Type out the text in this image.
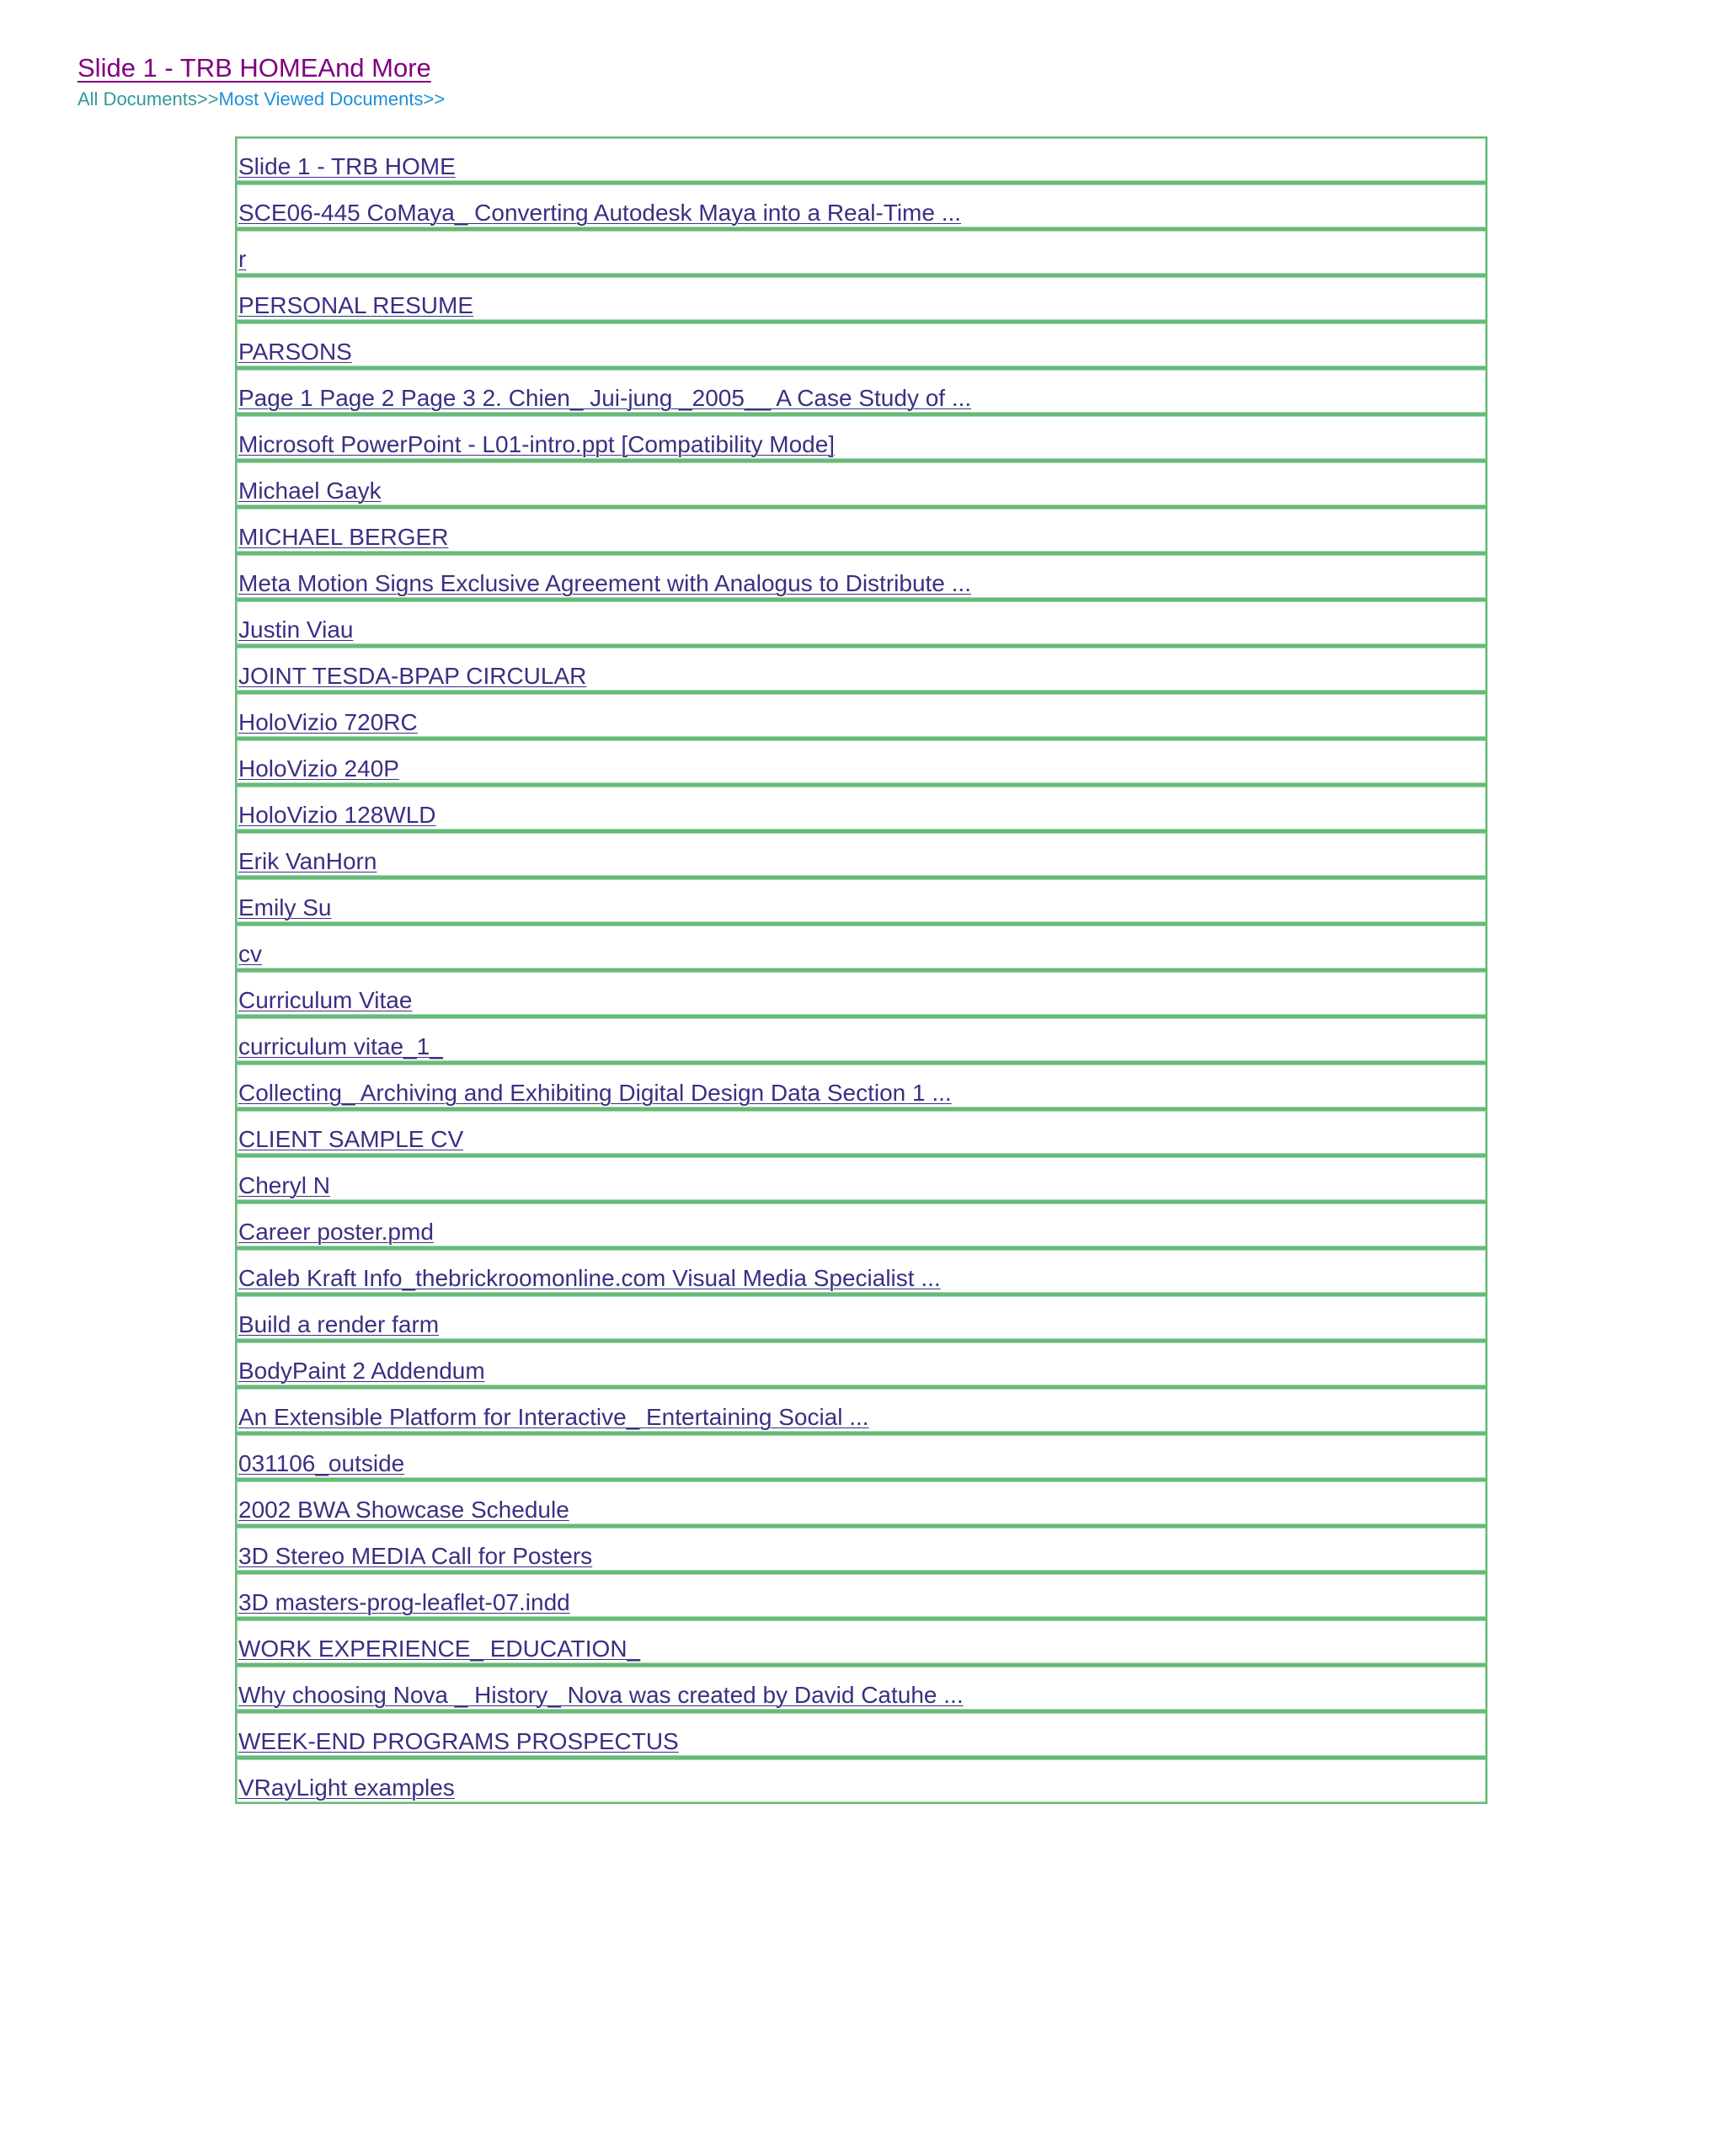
Slide 1 - TRB HOMEAnd More
All Documents>>Most Viewed Documents>>
Slide 1 - TRB HOME
SCE06-445 CoMaya_ Converting Autodesk Maya into a Real-Time ...
r
PERSONAL RESUME
PARSONS
Page 1 Page 2 Page 3 2. Chien_ Jui-jung _2005__ A Case Study of ...
Microsoft PowerPoint - L01-intro.ppt [Compatibility Mode]
Michael Gayk
MICHAEL BERGER
Meta Motion Signs Exclusive Agreement with Analogus to Distribute ...
Justin Viau
JOINT TESDA-BPAP CIRCULAR
HoloVizio 720RC
HoloVizio 240P
HoloVizio 128WLD
Erik VanHorn
Emily Su
cv
Curriculum Vitae
curriculum vitae_1_
Collecting_ Archiving and Exhibiting Digital Design Data Section 1 ...
CLIENT SAMPLE CV
Cheryl N
Career poster.pmd
Caleb Kraft Info_thebrickroomonline.com Visual Media Specialist ...
Build a render farm
BodyPaint 2 Addendum
An Extensible Platform for Interactive_ Entertaining Social ...
031106_outside
2002 BWA Showcase Schedule
3D Stereo MEDIA Call for Posters
3D masters-prog-leaflet-07.indd
WORK EXPERIENCE_ EDUCATION_
Why choosing Nova _ History_ Nova was created by David Catuhe ...
WEEK-END PROGRAMS PROSPECTUS
VRayLight examples
